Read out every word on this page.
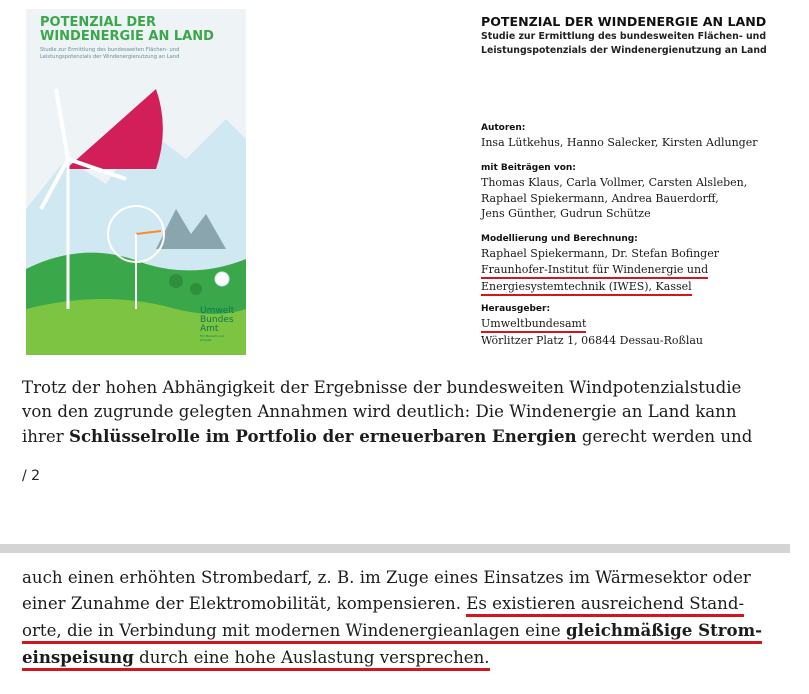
POTENZIAL DER
WINDENERGIE AN LAND
Studie zur Ermittlung des bundesweiten Flächen- und Leistungspotenzials der Windenergienutzung an Land
Umwelt
Bundes
Amt
Für Mensch und Umwelt
POTENZIAL DER WINDENERGIE AN LAND
Studie zur Ermittlung des bundesweiten Flächen- und
Leistungspotenzials der Windenergienutzung an Land
Autoren:
Insa Lütkehus, Hanno Salecker, Kirsten Adlunger
mit Beiträgen von:
Thomas Klaus, Carla Vollmer, Carsten Alsleben,
Raphael Spiekermann, Andrea Bauerdorff,
Jens Günther, Gudrun Schütze
Modellierung und Berechnung:
Raphael Spiekermann, Dr. Stefan Bofinger
Fraunhofer-Institut für Windenergie und
Energiesystemtechnik (IWES), Kassel
Herausgeber:
Umweltbundesamt
Wörlitzer Platz 1, 06844 Dessau-Roßlau
Trotz der hohen Abhängigkeit der Ergebnisse der bundesweiten Windpotenzialstudie
von den zugrunde gelegten Annahmen wird deutlich: Die Windenergie an Land kann
ihrer Schlüsselrolle im Portfolio der erneuerbaren Energien gerecht werden und
/ 2
auch einen erhöhten Strombedarf, z. B. im Zuge eines Einsatzes im Wärmesektor oder
einer Zunahme der Elektromobilität, kompensieren. Es existieren ausreichend Stand-
orte, die in Verbindung mit modernen Windenergieanlagen eine gleichmäßige Strom-
einspeisung durch eine hohe Auslastung versprechen.
